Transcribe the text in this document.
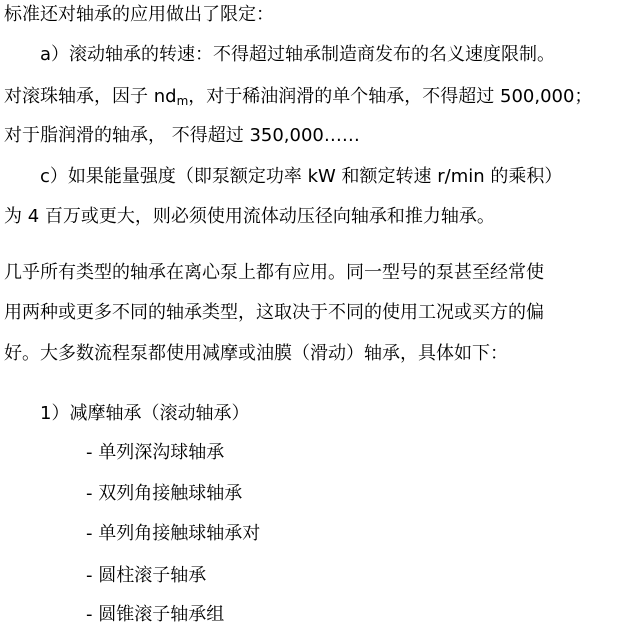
标准还对轴承的应用做出了限定：
a）滚动轴承的转速：不得超过轴承制造商发布的名义速度限制。
对滚珠轴承，因子 $nd_m$，对于稀油润滑的单个轴承，不得超过 500,000；
对于脂润滑的轴承， 不得超过 350,000……
c）如果能量强度（即泵额定功率 kW 和额定转速 r/min 的乘积）
为 4 百万或更大，则必须使用流体动压径向轴承和推力轴承。
几乎所有类型的轴承在离心泵上都有应用。同一型号的泵甚至经常使
用两种或更多不同的轴承类型，这取决于不同的使用工况或买方的偏
好。大多数流程泵都使用减摩或油膜（滑动）轴承，具体如下：
1）减摩轴承（滚动轴承）
- 单列深沟球轴承
- 双列角接触球轴承
- 单列角接触球轴承对
- 圆柱滚子轴承
- 圆锥滚子轴承组
